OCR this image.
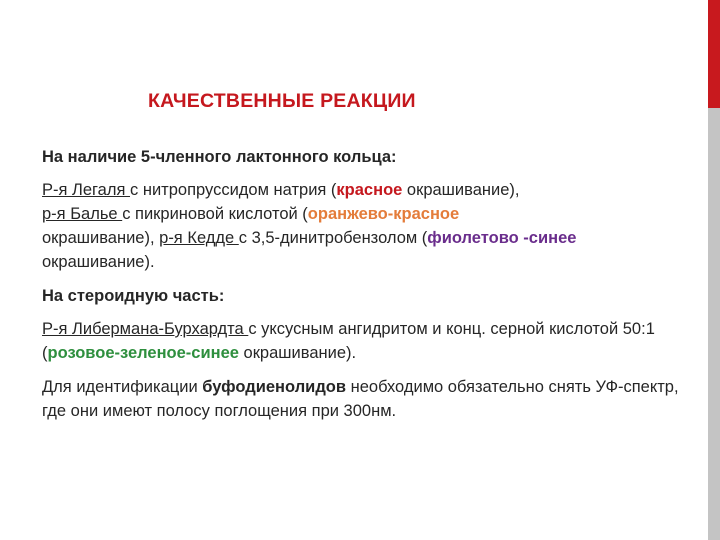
КАЧЕСТВЕННЫЕ РЕАКЦИИ

На наличие 5-членного лактонного кольца:

Р-я Легаля с нитропруссидом натрия (красное окрашивание),
р-я Балье с пикриновой кислотой (оранжево-красное
окрашивание), р-я Кедде с 3,5-динитробензолом (фиолетово -синее окрашивание).

На стероидную часть:

Р-я Либермана-Бурхардта с уксусным ангидритом и конц. серной кислотой 50:1 (розовое-зеленое-синее окрашивание).

Для идентификации буфодиенолидов необходимо обязательно снять УФ-спектр, где они имеют полосу поглощения при 300нм.
